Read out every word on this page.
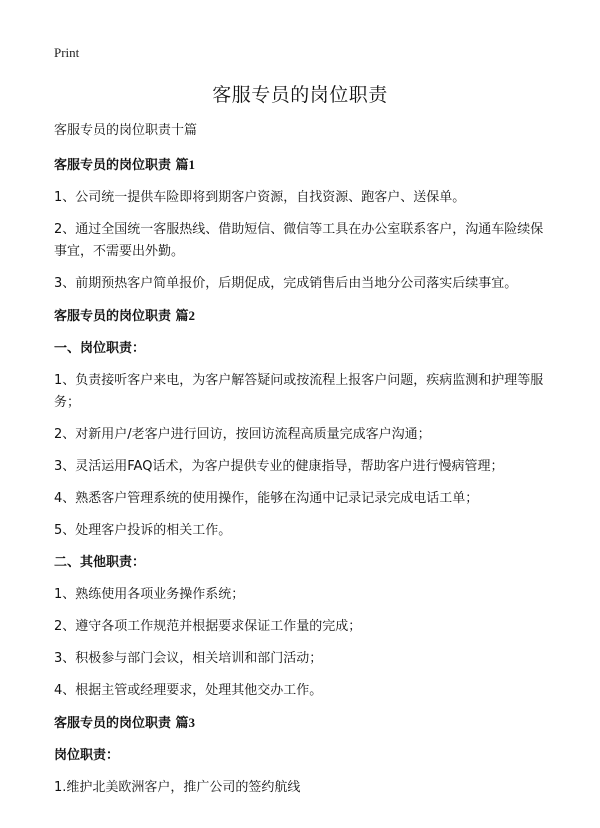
Print
客服专员的岗位职责

客服专员的岗位职责十篇

客服专员的岗位职责 篇1

1、公司统一提供车险即将到期客户资源，自找资源、跑客户、送保单。

2、通过全国统一客服热线、借助短信、微信等工具在办公室联系客户，沟通车险续保事宜，不需要出外勤。

3、前期预热客户简单报价，后期促成，完成销售后由当地分公司落实后续事宜。

客服专员的岗位职责 篇2

一、岗位职责：

1、负责接听客户来电，为客户解答疑问或按流程上报客户问题，疾病监测和护理等服务；

2、对新用户/老客户进行回访，按回访流程高质量完成客户沟通；

3、灵活运用FAQ话术，为客户提供专业的健康指导，帮助客户进行慢病管理；

4、熟悉客户管理系统的使用操作，能够在沟通中记录记录完成电话工单；

5、处理客户投诉的相关工作。

二、其他职责：

1、熟练使用各项业务操作系统；

2、遵守各项工作规范并根据要求保证工作量的完成；

3、积极参与部门会议，相关培训和部门活动；

4、根据主管或经理要求，处理其他交办工作。

客服专员的岗位职责 篇3

岗位职责：

1.维护北美欧洲客户，推广公司的签约航线
